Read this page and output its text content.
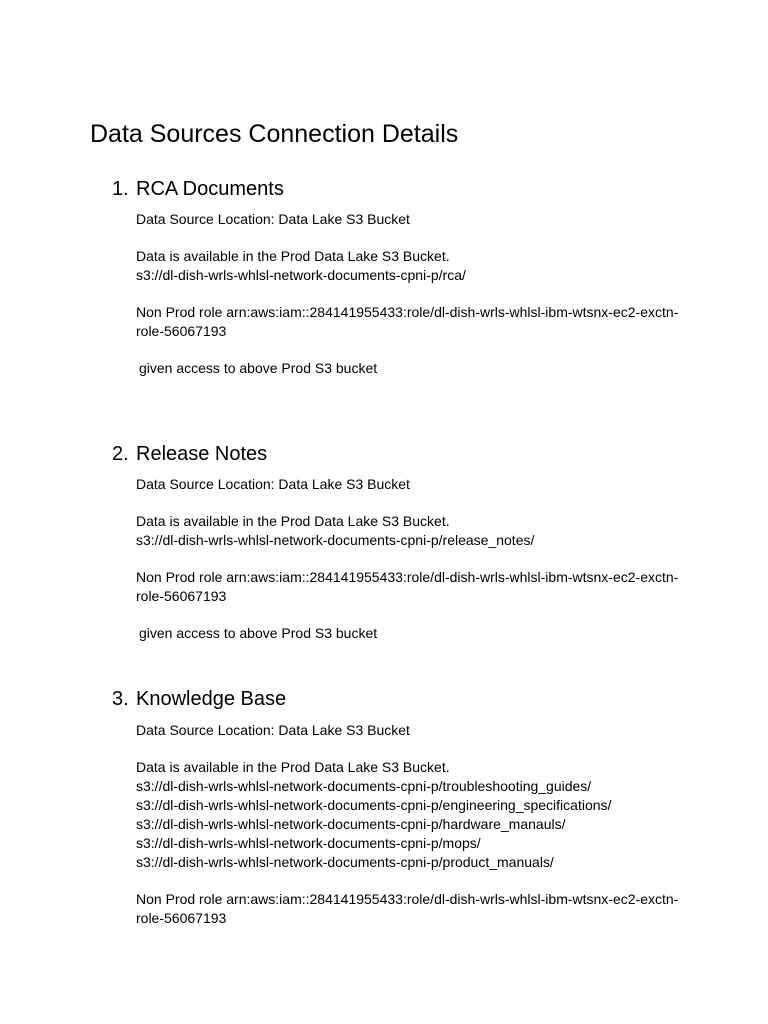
Data Sources Connection Details
1. RCA Documents
Data Source Location: Data Lake S3 Bucket
Data is available in the Prod Data Lake S3 Bucket.
s3://dl-dish-wrls-whlsl-network-documents-cpni-p/rca/
Non Prod role arn:aws:iam::284141955433:role/dl-dish-wrls-whlsl-ibm-wtsnx-ec2-exctn-
role-56067193
given access to above Prod S3 bucket
2. Release Notes
Data Source Location: Data Lake S3 Bucket
Data is available in the Prod Data Lake S3 Bucket.
s3://dl-dish-wrls-whlsl-network-documents-cpni-p/release_notes/
Non Prod role arn:aws:iam::284141955433:role/dl-dish-wrls-whlsl-ibm-wtsnx-ec2-exctn-
role-56067193
given access to above Prod S3 bucket
3. Knowledge Base
Data Source Location: Data Lake S3 Bucket
Data is available in the Prod Data Lake S3 Bucket.
s3://dl-dish-wrls-whlsl-network-documents-cpni-p/troubleshooting_guides/
s3://dl-dish-wrls-whlsl-network-documents-cpni-p/engineering_specifications/
s3://dl-dish-wrls-whlsl-network-documents-cpni-p/hardware_manauls/
s3://dl-dish-wrls-whlsl-network-documents-cpni-p/mops/
s3://dl-dish-wrls-whlsl-network-documents-cpni-p/product_manuals/
Non Prod role arn:aws:iam::284141955433:role/dl-dish-wrls-whlsl-ibm-wtsnx-ec2-exctn-
role-56067193
